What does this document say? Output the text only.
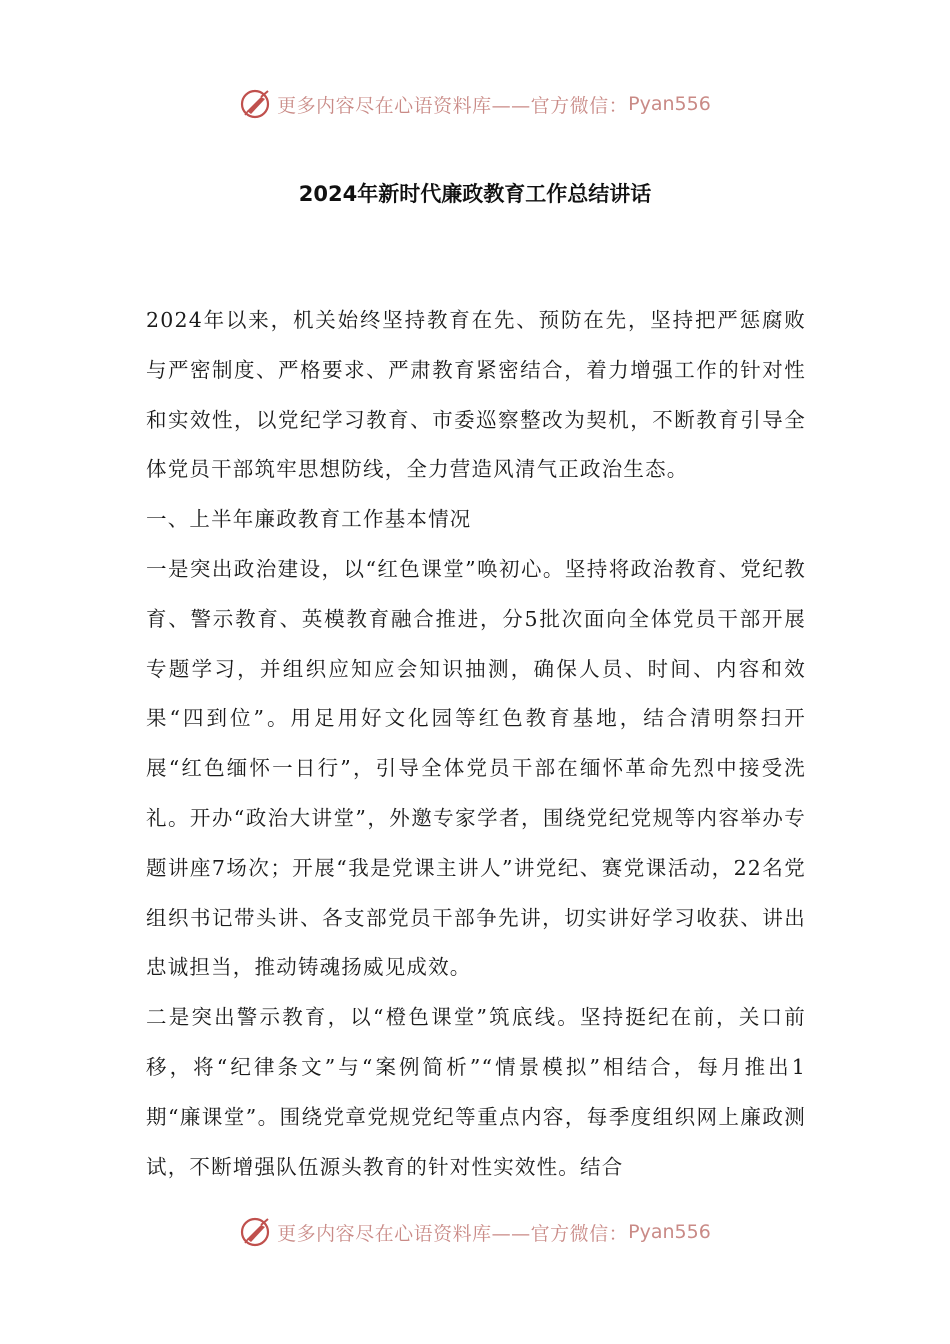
更多内容尽在心语资料库——官方微信： Pyan556
2024年新时代廉政教育工作总结讲话

2024年以来，机关始终坚持教育在先、预防在先，坚持把严惩腐败与严密制度、严格要求、严肃教育紧密结合，着力增强工作的针对性和实效性，以党纪学习教育、市委巡察整改为契机，不断教育引导全体党员干部筑牢思想防线，全力营造风清气正政治生态。

一、上半年廉政教育工作基本情况

一是突出政治建设，以“红色课堂”唤初心。坚持将政治教育、党纪教育、警示教育、英模教育融合推进，分5批次面向全体党员干部开展专题学习，并组织应知应会知识抽测，确保人员、时间、内容和效果“四到位”。用足用好文化园等红色教育基地，结合清明祭扫开展“红色缅怀一日行”，引导全体党员干部在缅怀革命先烈中接受洗礼。开办“政治大讲堂”，外邀专家学者，围绕党纪党规等内容举办专题讲座7场次；开展“我是党课主讲人”讲党纪、赛党课活动，22名党组织书记带头讲、各支部党员干部争先讲，切实讲好学习收获、讲出忠诚担当，推动铸魂扬威见成效。

二是突出警示教育，以“橙色课堂”筑底线。坚持挺纪在前，关口前移，将“纪律条文”与“案例简析”“情景模拟”相结合，每月推出1期“廉课堂”。围绕党章党规党纪等重点内容，每季度组织网上廉政测试，不断增强队伍源头教育的针对性实效性。结合

更多内容尽在心语资料库——官方微信： Pyan556
